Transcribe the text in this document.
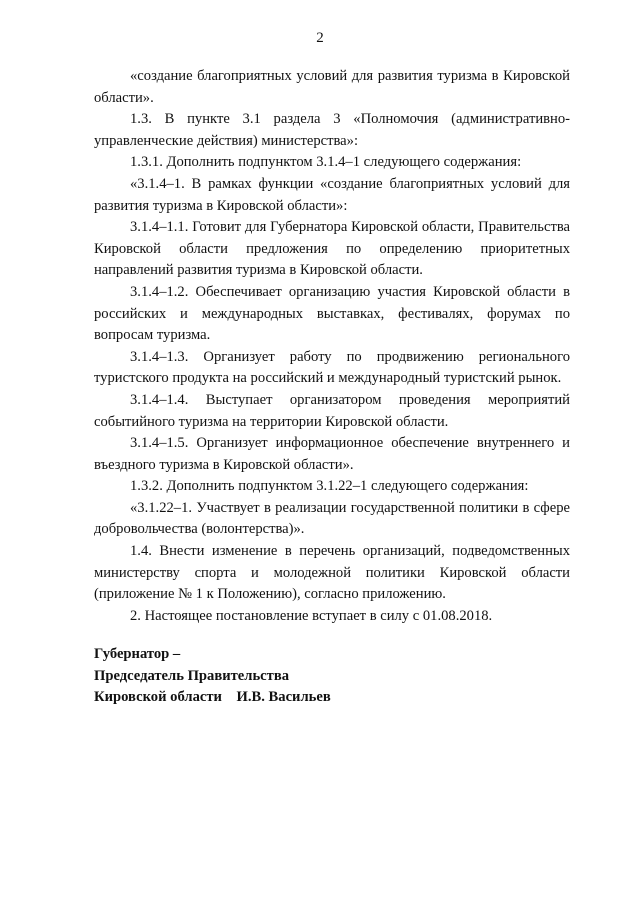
2

«создание благоприятных условий для развития туризма в Кировской области».

1.3. В пункте 3.1 раздела 3 «Полномочия (административно-управленческие действия) министерства»:

1.3.1. Дополнить подпунктом 3.1.4–1 следующего содержания:

«3.1.4–1. В рамках функции «создание благоприятных условий для развития туризма в Кировской области»:

3.1.4–1.1. Готовит для Губернатора Кировской области, Правительства Кировской области предложения по определению приоритетных направлений развития туризма в Кировской области.

3.1.4–1.2. Обеспечивает организацию участия Кировской области в российских и международных выставках, фестивалях, форумах по вопросам туризма.

3.1.4–1.3. Организует работу по продвижению регионального туристского продукта на российский и международный туристский рынок.

3.1.4–1.4. Выступает организатором проведения мероприятий событийного туризма на территории Кировской области.

3.1.4–1.5. Организует информационное обеспечение внутреннего и въездного туризма в Кировской области».

1.3.2. Дополнить подпунктом 3.1.22–1 следующего содержания:

«3.1.22–1. Участвует в реализации государственной политики в сфере добровольчества (волонтерства)».

1.4. Внести изменение в перечень организаций, подведомственных министерству спорта и молодежной политики Кировской области (приложение № 1 к Положению), согласно приложению.

2. Настоящее постановление вступает в силу с 01.08.2018.

Губернатор –
Председатель Правительства
Кировской области    И.В. Васильев
